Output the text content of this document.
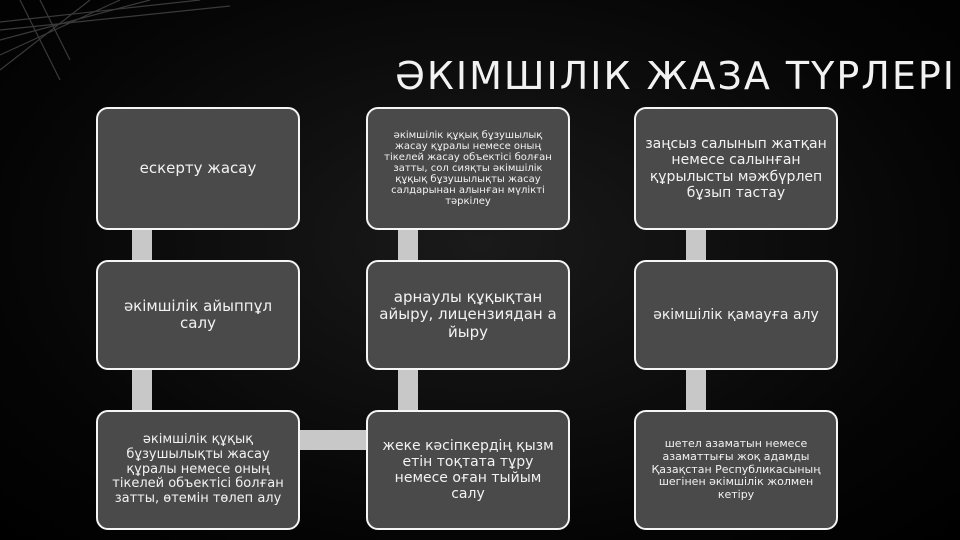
ӘКІМШІЛІК ЖАЗА ТҮРЛЕРІ
ескерту жасау
әкімшілік құқық бұзушылық жасау құралы немесе оның тікелей жасау объектісі болған затты, сол сияқты әкімшілік құқық бұзушылықты жасау салдарынан алынған мүлікті тәркілеу
заңсыз салынып жатқан немесе салынған құрылысты мәжбүрлеп бұзып тастау
әкімшілік айыппұл салу
арнаулы құқықтан айыру, лицензиядан а йыру
әкімшілік қамауға алу
әкімшілік құқық бұзушылықты жасау құралы немесе оның тікелей объектісі болған затты, өтемін төлеп алу
жеке кәсіпкердің қызм етін тоқтата тұру немесе оған тыйым салу
шетел азаматын немесе азаматтығы жоқ адамды Қазақстан Республикасының шегінен әкімшілік жолмен кетіру
